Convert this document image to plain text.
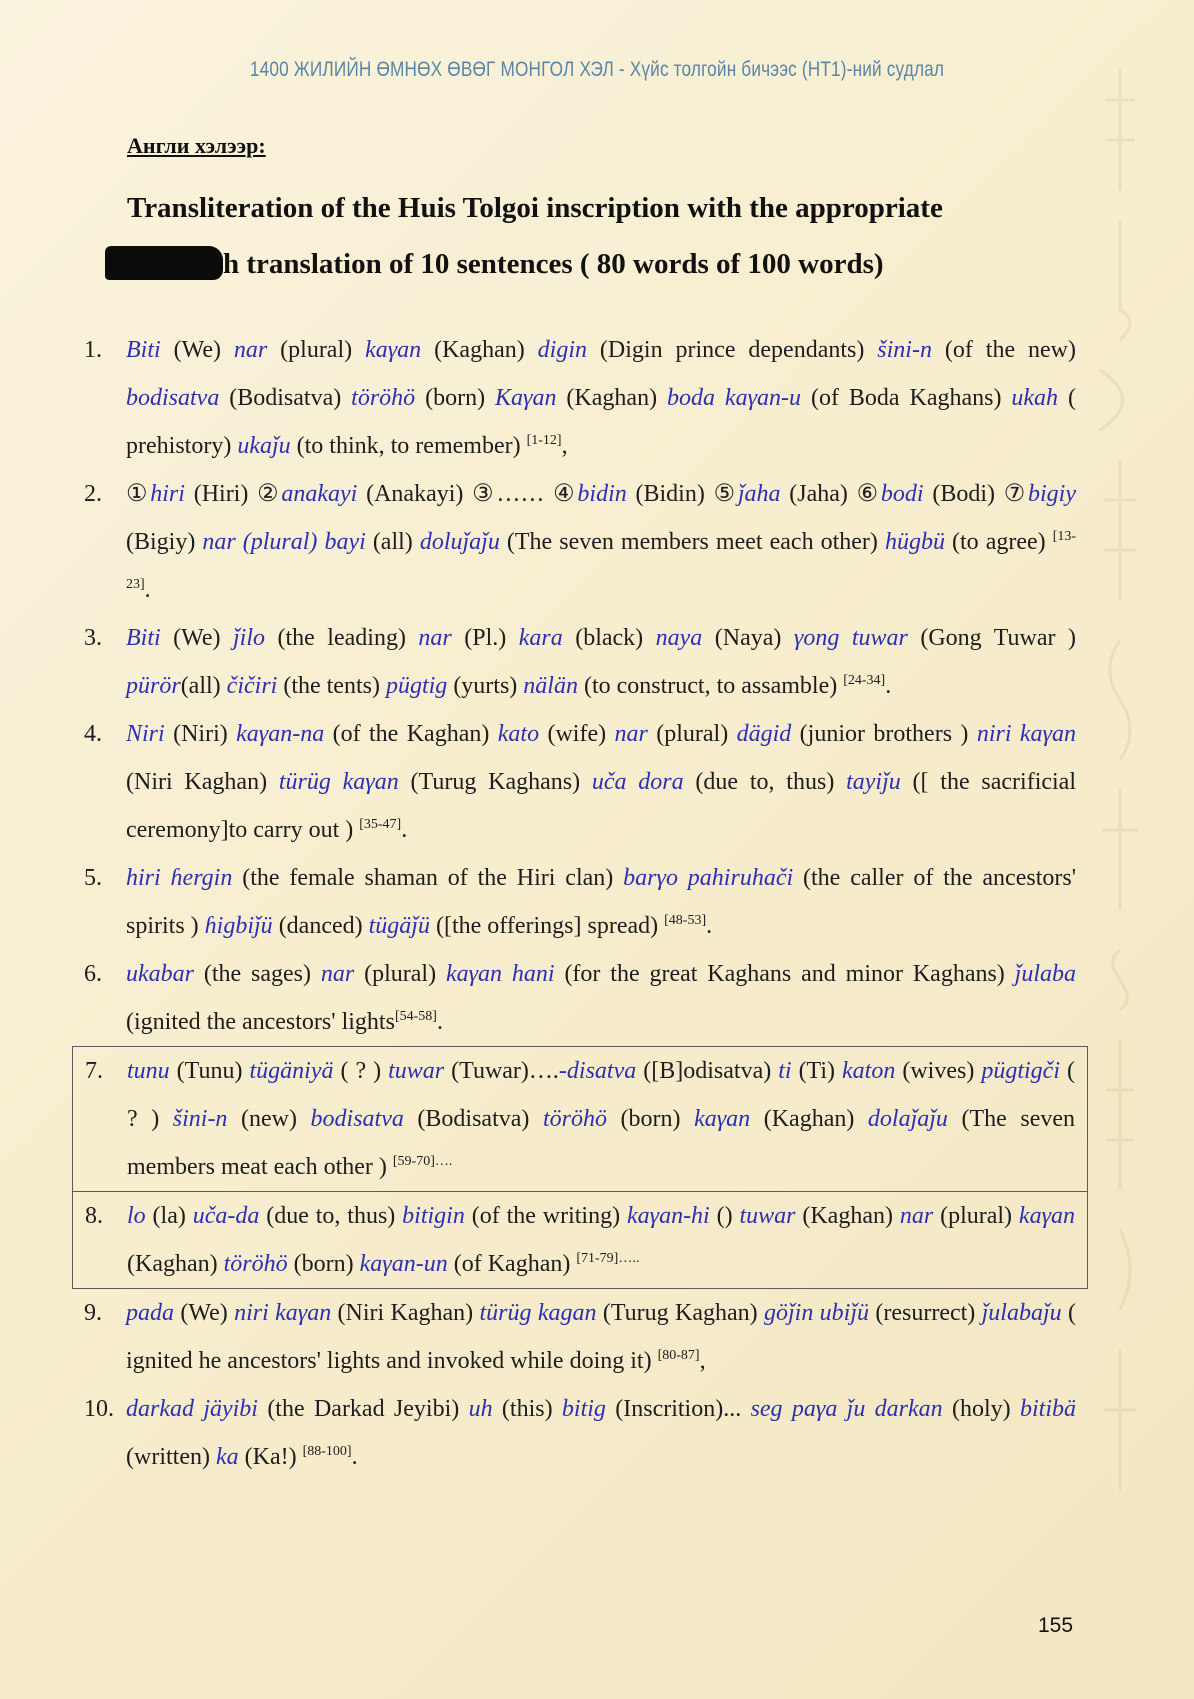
1400 ЖИЛИЙН ӨМНӨХ ӨВӨГ МОНГОЛ ХЭЛ - Хүйс толгойн бичээс (НТ1)-ний судлал
Англи хэлээр:
Transliteration of the Huis Tolgoi inscription with the appropriate
h translation of 10 sentences ( 80 words of 100 words)
1.	Biti (We) nar (plural) kaγan (Kaghan) digin (Digin prince dependants) šini-n (of the new) bodisatva (Bodisatva) töröhö (born) Kaγan (Kaghan) boda kaγan-u (of Boda Kaghans) ukah ( prehistory) ukaǰu (to think, to remember) [1-12],
2.	①hiri (Hiri) ②anakayi (Anakayi) ③…… ④bidin (Bidin) ⑤ǰaha (Jaha) ⑥bodi (Bodi) ⑦bigiy (Bigiy) nar (plural) bayi (all) doluǰaǰu (The seven members meet each other) hügbü (to agree) [13-23].
3.	Biti (We) ǰilo (the leading) nar (Pl.) kara (black) naya (Naya) γong tuwar (Gong Tuwar ) pürör(all) čičiri (the tents) pügtig (yurts) nälän (to construct, to assamble) [24-34].
4.	Niri (Niri) kaγan-na (of the Kaghan) kato (wife) nar (plural) dägid (junior brothers ) niri kaγan (Niri Kaghan) türüg kaγan (Turug Kaghans) uča dora (due to, thus) tayiǰu ([ the sacrificial ceremony]to carry out ) [35-47].
5.	hiri ɦergin (the female shaman of the Hiri clan) barγo pahiruhači (the caller of the ancestors' spirits ) ɦigbiǰü (danced) tügäǰü ([the offerings] spread) [48-53].
6.	ukabar (the sages) nar (plural) kaγan hani (for the great Kaghans and minor Kaghans) ǰulaba (ignited the ancestors' lights[54-58].
7.	tunu (Tunu) tügäniyä ( ? ) tuwar (Tuwar)….-disatva ([B]odisatva) ti (Ti) katon (wives) pügtigči ( ? ) šini-n (new) bodisatva (Bodisatva) töröhö (born) kaγan (Kaghan) dolaǰaǰu (The seven members meat each other ) $^{[59-70]\dots.}$
8.	lo (la) uča-da (due to, thus) bitigin (of the writing) kaγan-hi () tuwar (Kaghan) nar (plural) kaγan (Kaghan) töröhö (born) kaγan-un (of Kaghan) $^{[71-79]\dots..}$
9.	pada (We) niri kaγan (Niri Kaghan) türüg kagan (Turug Kaghan) göǰin ubiǰü (resurrect) ǰulabaǰu ( ignited he ancestors' lights and invoked while doing it) [80-87],
10. darkad jäyibi (the Darkad Jeyibi) uh (this) bitig (Inscrition)... seg paγa ǰu darkan (holy) bitibä (written) ka (Ka!) [88-100].
155
